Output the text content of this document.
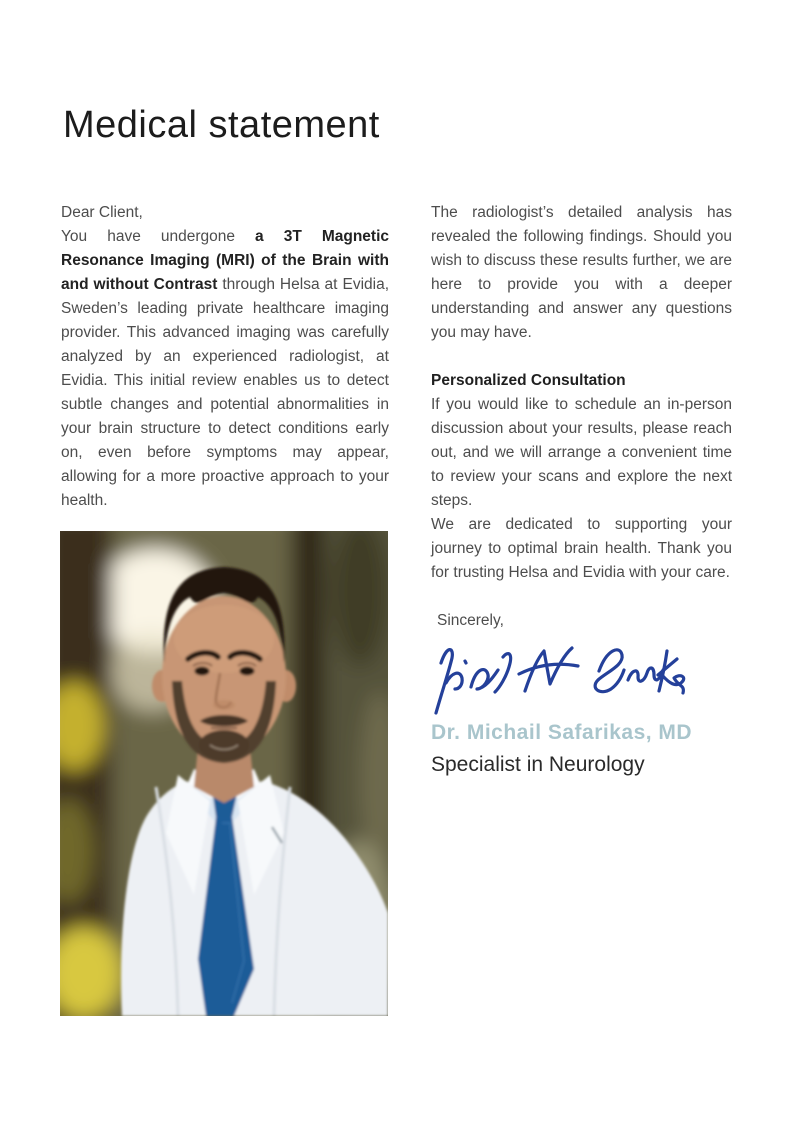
Medical statement

Dear Client,

You have undergone a 3T Magnetic Resonance Imaging (MRI) of the Brain with and without Contrast through Helsa at Evidia, Sweden’s leading private healthcare imaging provider. This advanced imaging was carefully analyzed by an experienced radiologist, at Evidia. This initial review enables us to detect subtle changes and potential abnormalities in your brain structure to detect conditions early on, even before symptoms may appear, allowing for a more proactive approach to your health.

The radiologist’s detailed analysis has revealed the following findings. Should you wish to discuss these results further, we are here to provide you with a deeper understanding and answer any questions you may have.

Personalized Consultation

If you would like to schedule an in-person discussion about your results, please reach out, and we will arrange a convenient time to review your scans and explore the next steps.

We are dedicated to supporting your journey to optimal brain health. Thank you for trusting Helsa and Evidia with your care.

Sincerely,

Dr. Michail Safarikas, MD

Specialist in Neurology
